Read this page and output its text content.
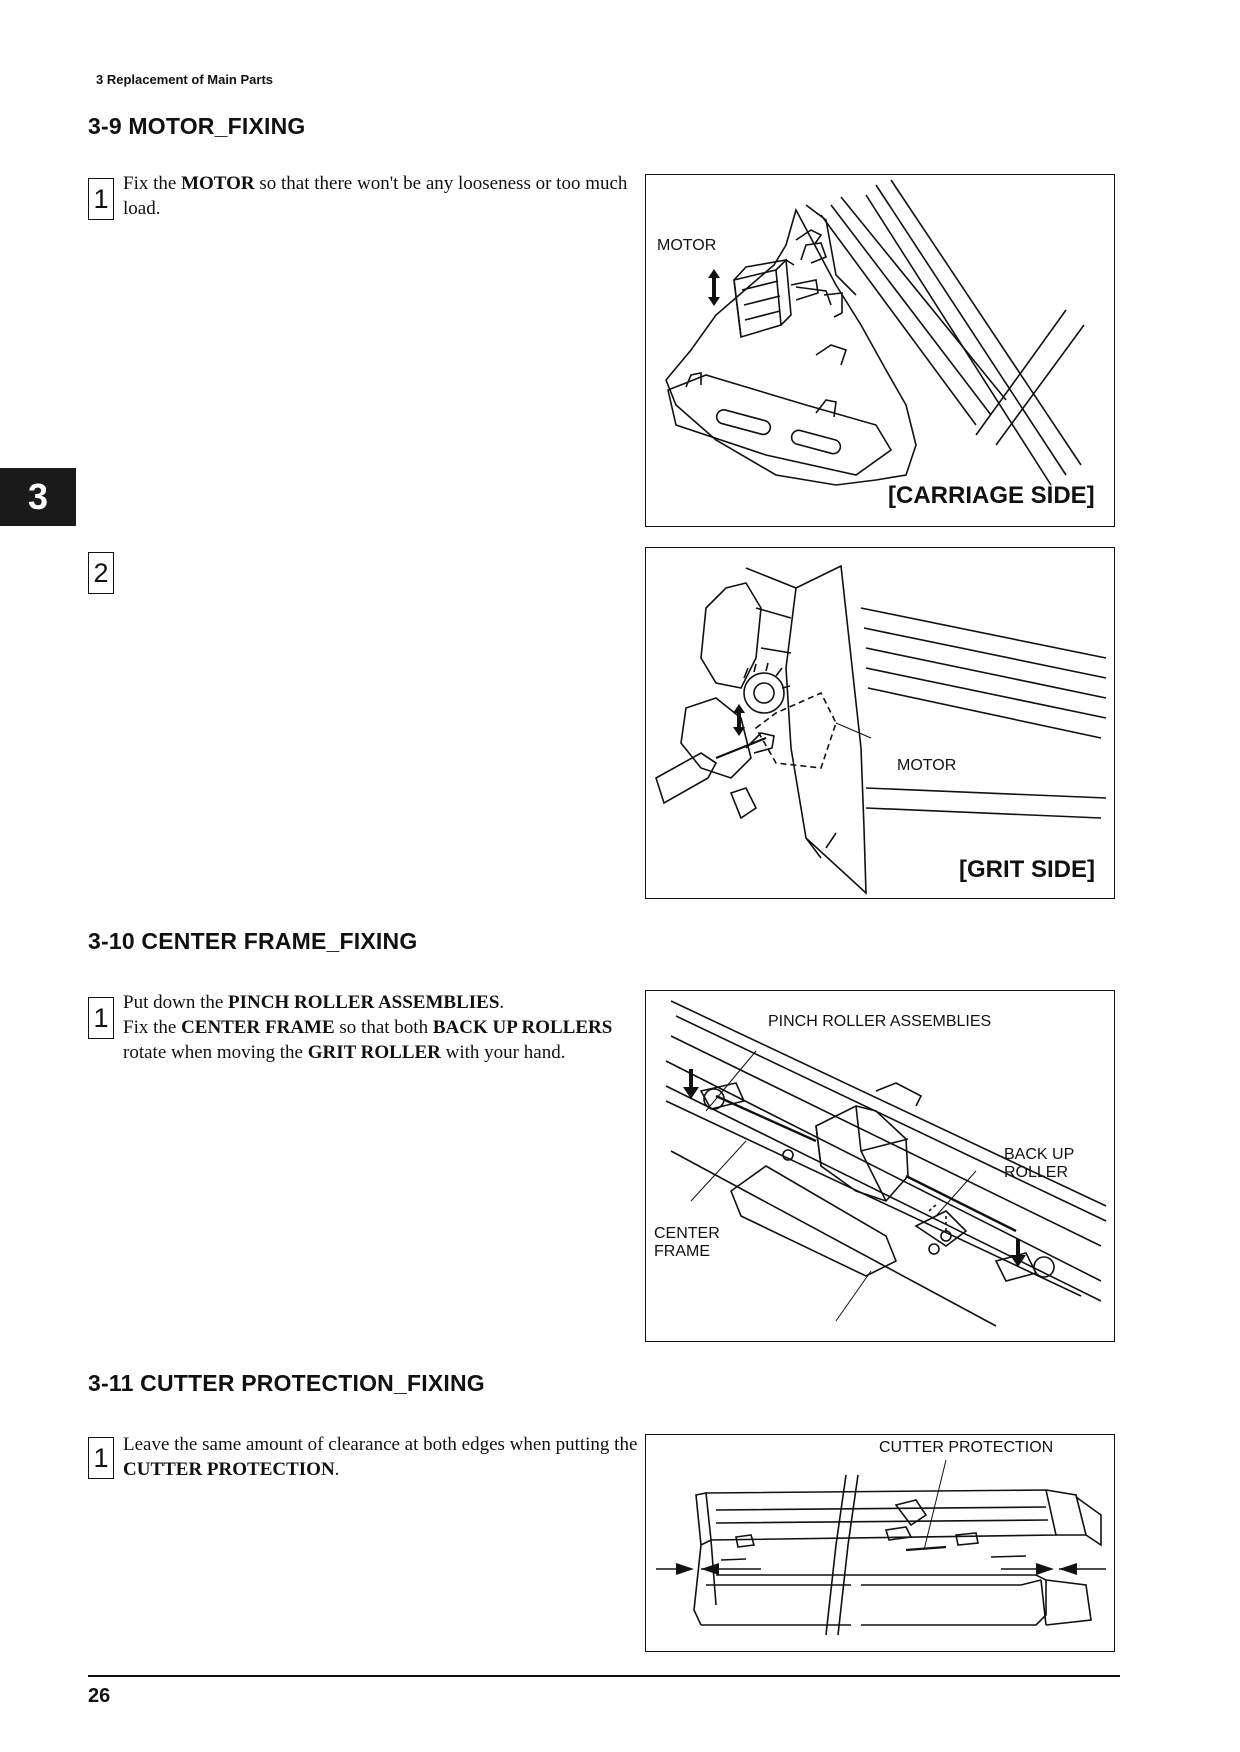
3 Replacement of Main Parts
3
3-9 MOTOR_FIXING
1 Fix the MOTOR so that there won't be any looseness or too much load.
MOTOR
[CARRIAGE SIDE]
2
MOTOR
[GRIT SIDE]
3-10 CENTER FRAME_FIXING
1 Put down the PINCH ROLLER ASSEMBLIES.
Fix the CENTER FRAME so that both BACK UP ROLLERS rotate when moving the GRIT ROLLER with your hand.
PINCH ROLLER ASSEMBLIES
BACK UP
ROLLER
CENTER
FRAME
3-11 CUTTER PROTECTION_FIXING
1 Leave the same amount of clearance at both edges when putting the CUTTER PROTECTION.
CUTTER PROTECTION
26
